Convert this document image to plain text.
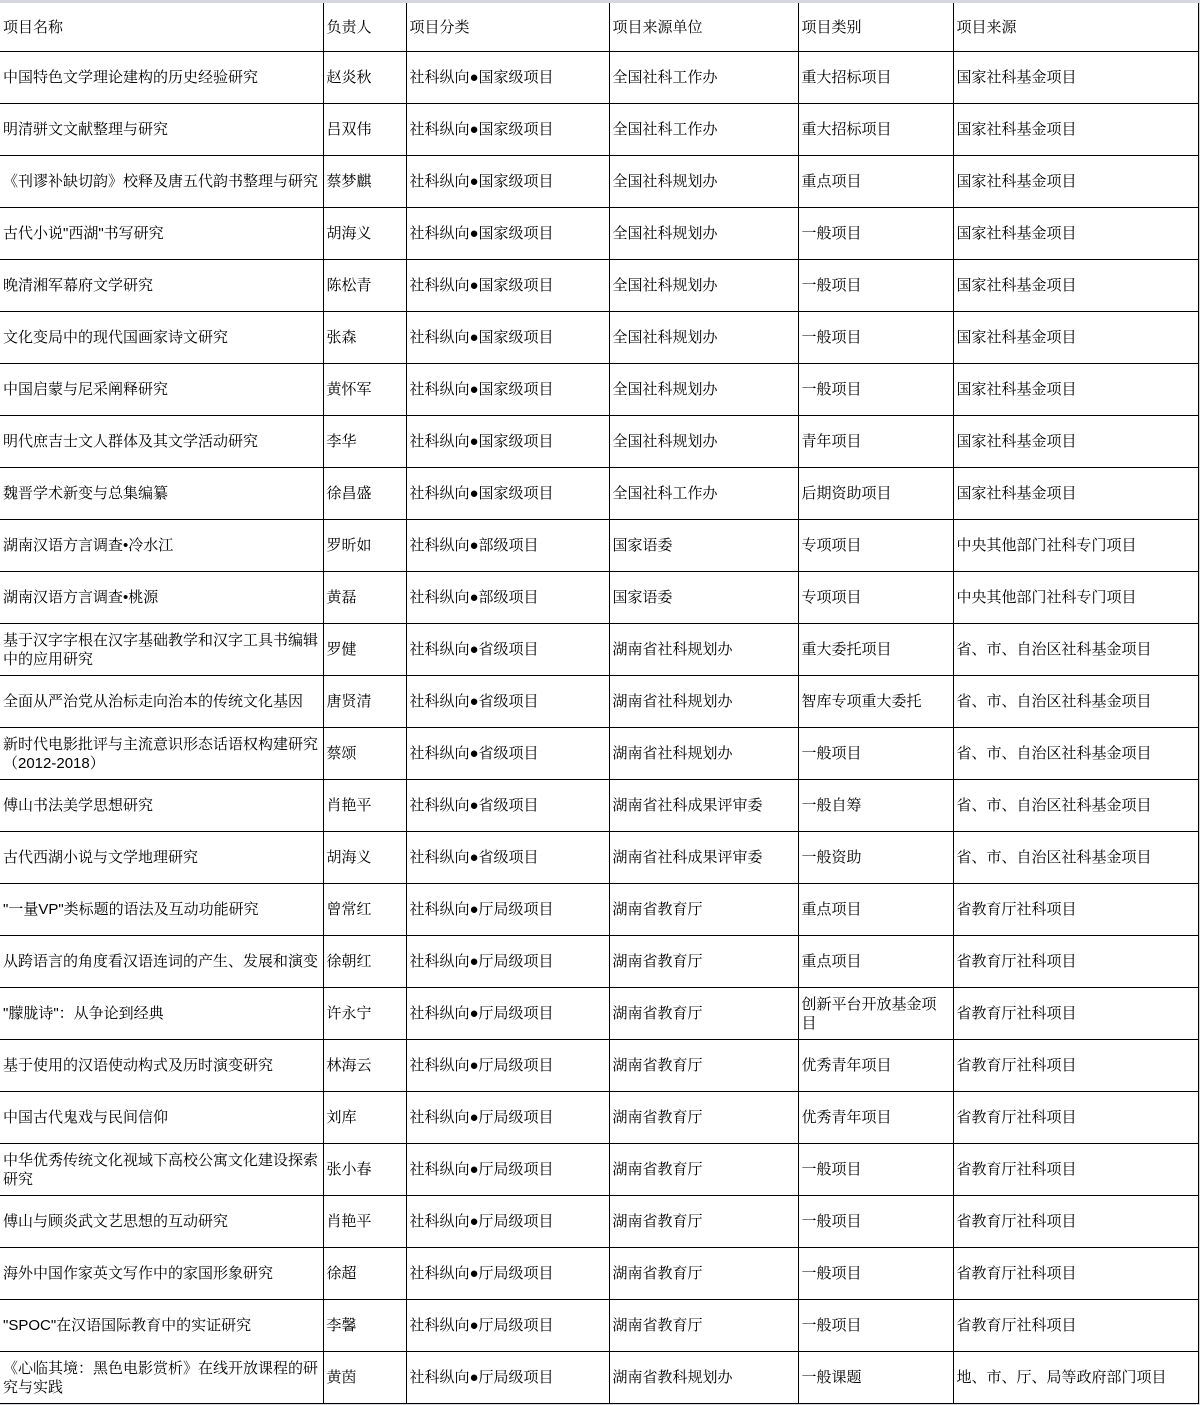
项目名称	负责人	项目分类	项目来源单位	项目类别	项目来源
中国特色文学理论建构的历史经验研究	赵炎秋	社科纵向●国家级项目	全国社科工作办	重大招标项目	国家社科基金项目
明清骈文文献整理与研究	吕双伟	社科纵向●国家级项目	全国社科工作办	重大招标项目	国家社科基金项目
《刊谬补缺切韵》校释及唐五代韵书整理与研究	蔡梦麒	社科纵向●国家级项目	全国社科规划办	重点项目	国家社科基金项目
古代小说"西湖"书写研究	胡海义	社科纵向●国家级项目	全国社科规划办	一般项目	国家社科基金项目
晚清湘军幕府文学研究	陈松青	社科纵向●国家级项目	全国社科规划办	一般项目	国家社科基金项目
文化变局中的现代国画家诗文研究	张森	社科纵向●国家级项目	全国社科规划办	一般项目	国家社科基金项目
中国启蒙与尼采阐释研究	黄怀军	社科纵向●国家级项目	全国社科规划办	一般项目	国家社科基金项目
明代庶吉士文人群体及其文学活动研究	李华	社科纵向●国家级项目	全国社科规划办	青年项目	国家社科基金项目
魏晋学术新变与总集编纂	徐昌盛	社科纵向●国家级项目	全国社科工作办	后期资助项目	国家社科基金项目
湖南汉语方言调查•冷水江	罗昕如	社科纵向●部级项目	国家语委	专项项目	中央其他部门社科专门项目
湖南汉语方言调查•桃源	黄磊	社科纵向●部级项目	国家语委	专项项目	中央其他部门社科专门项目
基于汉字字根在汉字基础教学和汉字工具书编辑中的应用研究	罗健	社科纵向●省级项目	湖南省社科规划办	重大委托项目	省、市、自治区社科基金项目
全面从严治党从治标走向治本的传统文化基因	唐贤清	社科纵向●省级项目	湖南省社科规划办	智库专项重大委托	省、市、自治区社科基金项目
新时代电影批评与主流意识形态话语权构建研究（2012-2018）	蔡颂	社科纵向●省级项目	湖南省社科规划办	一般项目	省、市、自治区社科基金项目
傅山书法美学思想研究	肖艳平	社科纵向●省级项目	湖南省社科成果评审委	一般自筹	省、市、自治区社科基金项目
古代西湖小说与文学地理研究	胡海义	社科纵向●省级项目	湖南省社科成果评审委	一般资助	省、市、自治区社科基金项目
"一量VP"类标题的语法及互动功能研究	曾常红	社科纵向●厅局级项目	湖南省教育厅	重点项目	省教育厅社科项目
从跨语言的角度看汉语连词的产生、发展和演变	徐朝红	社科纵向●厅局级项目	湖南省教育厅	重点项目	省教育厅社科项目
"朦胧诗"：从争论到经典	许永宁	社科纵向●厅局级项目	湖南省教育厅	创新平台开放基金项目	省教育厅社科项目
基于使用的汉语使动构式及历时演变研究	林海云	社科纵向●厅局级项目	湖南省教育厅	优秀青年项目	省教育厅社科项目
中国古代鬼戏与民间信仰	刘库	社科纵向●厅局级项目	湖南省教育厅	优秀青年项目	省教育厅社科项目
中华优秀传统文化视域下高校公寓文化建设探索研究	张小春	社科纵向●厅局级项目	湖南省教育厅	一般项目	省教育厅社科项目
傅山与顾炎武文艺思想的互动研究	肖艳平	社科纵向●厅局级项目	湖南省教育厅	一般项目	省教育厅社科项目
海外中国作家英文写作中的家国形象研究	徐超	社科纵向●厅局级项目	湖南省教育厅	一般项目	省教育厅社科项目
"SPOC"在汉语国际教育中的实证研究	李馨	社科纵向●厅局级项目	湖南省教育厅	一般项目	省教育厅社科项目
《心临其境：黑色电影赏析》在线开放课程的研究与实践	黄茵	社科纵向●厅局级项目	湖南省教科规划办	一般课题	地、市、厅、局等政府部门项目
